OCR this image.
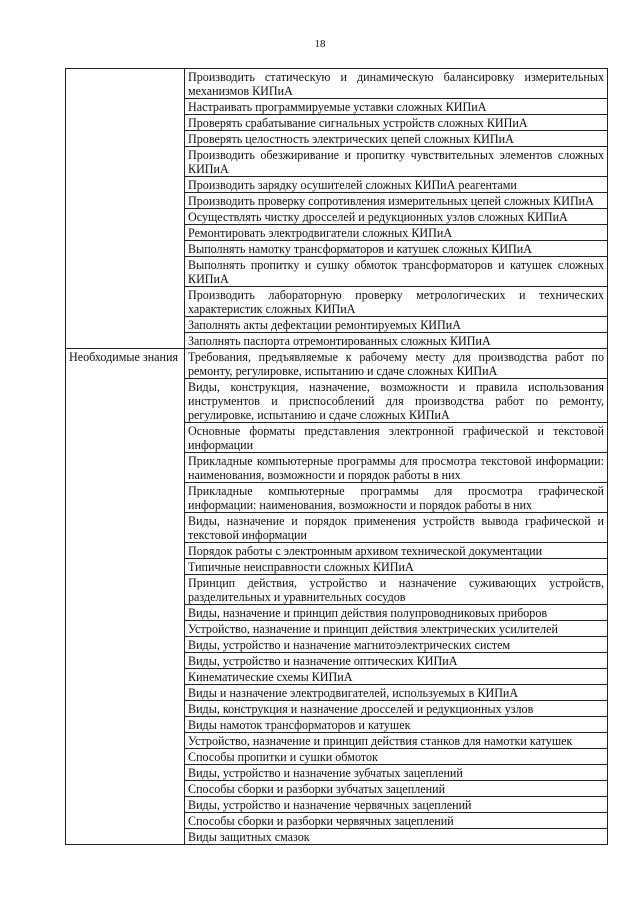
18
	Производить статическую и динамическую балансировку измерительных механизмов КИПиА
	Настраивать программируемые уставки сложных КИПиА
	Проверять срабатывание сигнальных устройств сложных КИПиА
	Проверять целостность электрических цепей сложных КИПиА
	Производить обезжиривание и пропитку чувствительных элементов сложных КИПиА
	Производить зарядку осушителей сложных КИПиА реагентами
	Производить проверку сопротивления измерительных цепей сложных КИПиА
	Осуществлять чистку дросселей и редукционных узлов сложных КИПиА
	Ремонтировать электродвигатели сложных КИПиА
	Выполнять намотку трансформаторов и катушек сложных КИПиА
	Выполнять пропитку и сушку обмоток трансформаторов и катушек сложных КИПиА
	Производить лабораторную проверку метрологических и технических характеристик сложных КИПиА
	Заполнять акты дефектации ремонтируемых КИПиА
	Заполнять паспорта отремонтированных сложных КИПиА
Необходимые знания	Требования, предъявляемые к рабочему месту для производства работ по ремонту, регулировке, испытанию и сдаче сложных КИПиА
	Виды, конструкция, назначение, возможности и правила использования инструментов и приспособлений для производства работ по ремонту, регулировке, испытанию и сдаче сложных КИПиА
	Основные форматы представления электронной графической и текстовой информации
	Прикладные компьютерные программы для просмотра текстовой информации: наименования, возможности и порядок работы в них
	Прикладные компьютерные программы для просмотра графической информации: наименования, возможности и порядок работы в них
	Виды, назначение и порядок применения устройств вывода графической и текстовой информации
	Порядок работы с электронным архивом технической документации
	Типичные неисправности сложных КИПиА
	Принцип действия, устройство и назначение суживающих устройств, разделительных и уравнительных сосудов
	Виды, назначение и принцип действия полупроводниковых приборов
	Устройство, назначение и принцип действия электрических усилителей
	Виды, устройство и назначение магнитоэлектрических систем
	Виды, устройство и назначение оптических КИПиА
	Кинематические схемы КИПиА
	Виды и назначение электродвигателей, используемых в КИПиА
	Виды, конструкция и назначение дросселей и редукционных узлов
	Виды намоток трансформаторов и катушек
	Устройство, назначение и принцип действия станков для намотки катушек
	Способы пропитки и сушки обмоток
	Виды, устройство и назначение зубчатых зацеплений
	Способы сборки и разборки зубчатых зацеплений
	Виды, устройство и назначение червячных зацеплений
	Способы сборки и разборки червячных зацеплений
	Виды защитных смазок
